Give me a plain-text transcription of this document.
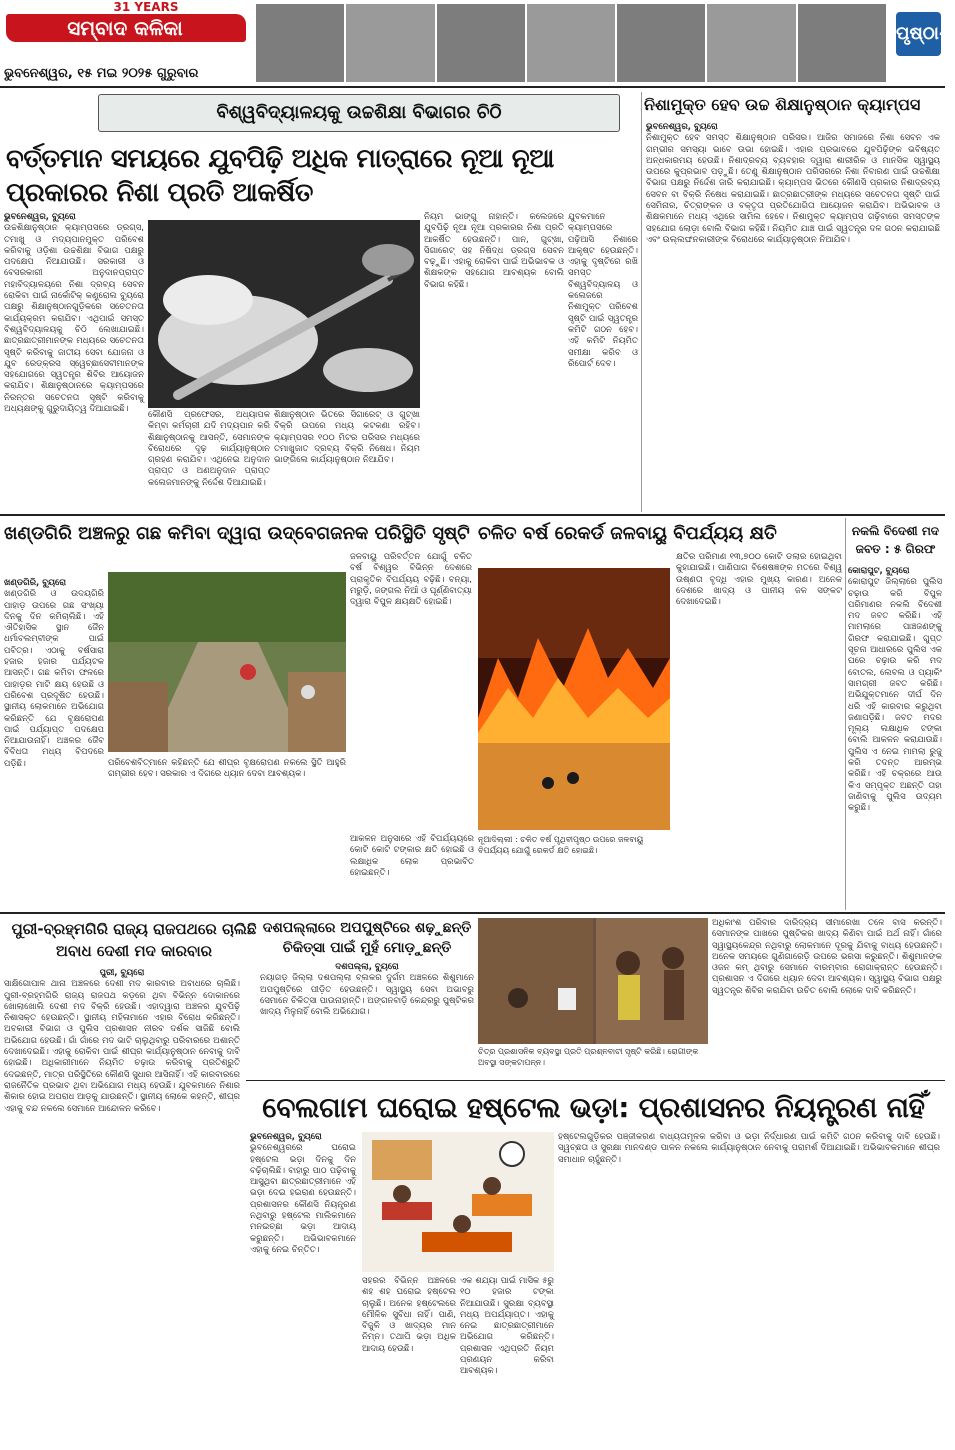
31 YEARS
ସମ୍ବାଦ କଳିକା
ଭୁବନେଶ୍ୱର, ୧୫ ମଇ ୨୦୨୫ ଗୁରୁବାର
ପୃଷ୍ଠା-୨
ବିଶ୍ୱବିଦ୍ୟାଳୟକୁ ଉଚ୍ଚଶିକ୍ଷା ବିଭାଗର ଚିଠି
ବର୍ତ୍ତମାନ ସମୟରେ ଯୁବପିଢ଼ି ଅଧିକ ମାତ୍ରାରେ ନୂଆ ନୂଆ ପ୍ରକାରର ନିଶା ପ୍ରତି ଆକର୍ଷିତ
ଭୁବନେଶ୍ୱର, ବ୍ୟୁରୋ
ଉଚ୍ଚଶିକ୍ଷାନୁଷ୍ଠାନ କ୍ୟାମ୍ପସରେ ଡ୍ରଗ୍ସ, ତମାଖୁ ଓ ମଦ୍ୟପାନମୁକ୍ତ ପରିବେଶ କରିବାକୁ ଓଡ଼ିଶା ଉଚ୍ଚଶିକ୍ଷା ବିଭାଗ ପକ୍ଷରୁ ପଦକ୍ଷେପ ନିଆଯାଉଛି। ସରକାରୀ ଓ ବେସରକାରୀ ଅନୁଦାନପ୍ରାପ୍ତ ମହାବିଦ୍ୟାଳୟରେ ନିଶା ଦ୍ରବ୍ୟ ସେବନ ରୋକିବା ପାଇଁ ନାର୍କୋଟିକ୍ କଣ୍ଟ୍ରୋଲ ବ୍ୟୁରୋ ପକ୍ଷରୁ ଶିକ୍ଷାନୁଷ୍ଠାନଗୁଡ଼ିକରେ ସଚେତନତା କାର୍ଯ୍ୟକ୍ରମ କରାଯିବ। ଏଥିପାଇଁ ସମସ୍ତ ବିଶ୍ୱବିଦ୍ୟାଳୟକୁ ଚିଠି ଲେଖାଯାଇଛି। ଛାତ୍ରଛାତ୍ରୀମାନଙ୍କ ମଧ୍ୟରେ ସଚେତନତା ସୃଷ୍ଟି କରିବାକୁ ଜାତୀୟ ସେବା ଯୋଜନା ଓ ଯୁବ ରେଡ୍‌କ୍ରସ ସ୍ୱେଚ୍ଛାସେବୀମାନଙ୍କ ସହଯୋଗରେ ସ୍ୱତନ୍ତ୍ର ଶିବିର ଆୟୋଜନ କରାଯିବ। ଶିକ୍ଷାନୁଷ୍ଠାନରେ କ୍ୟାମ୍ପସରେ ନିରନ୍ତର ସଚେତନତା ସୃଷ୍ଟି କରିବାକୁ ଅଧ୍ୟକ୍ଷଙ୍କୁ ଗୁରୁଦାୟିତ୍ୱ ଦିଆଯାଇଛି।
କୌଣସି ପ୍ରଫେସର, ଅଧ୍ୟାପକ କିମ୍ବା କର୍ମଚାରୀ ଯଦି ମଦ୍ୟପାନ କରି ଶିକ୍ଷାନୁଷ୍ଠାନକୁ ଆସନ୍ତି, ସେମାନଙ୍କ ବିରୋଧରେ ଦୃଢ଼ କାର୍ଯ୍ୟାନୁଷ୍ଠାନ ଗ୍ରହଣ କରାଯିବ। ଏଥିନେଇ ଅନୁଦାନ ପ୍ରାପ୍ତ ଓ ଅଣଅନୁଦାନ ପ୍ରାପ୍ତ କଲେଜମାନଙ୍କୁ ନିର୍ଦ୍ଦେଶ ଦିଆଯାଇଛି।
ଶିକ୍ଷାନୁଷ୍ଠାନ ଭିତରେ ସିଗାରେଟ୍ ଓ ଗୁଟ୍‌ଖା ବିକ୍ରି ଉପରେ ମଧ୍ୟ କଟକଣା ରହିବ। କ୍ୟାମ୍ପସର ୧୦୦ ମିଟର ପରିସର ମଧ୍ୟରେ ତମାଖୁଜାତ ଦ୍ରବ୍ୟ ବିକ୍ରି ନିଷେଧ। ନିୟମ ଭାଙ୍ଗିଲେ କାର୍ଯ୍ୟାନୁଷ୍ଠାନ ନିଆଯିବ।
ନିୟମ ଭାଙ୍ଗୁ ନାହାନ୍ତି। କଲେଜରେ ଯୁବପିଢ଼ି ନୂଆ ନୂଆ ପ୍ରକାରର ନିଶା ପ୍ରତି ଆକର୍ଷିତ ହେଉଛନ୍ତି। ପାନ, ଗୁଟ୍‌ଖା, ସିଗାରେଟ୍ ସହ ନିଷିଦ୍ଧ ଡ୍ରଗ୍ସ ସେବନ ବଢ଼ୁଛି। ଏହାକୁ ରୋକିବା ପାଇଁ ଅଭିଭାବକ ଓ ଶିକ୍ଷକଙ୍କ ସହଯୋଗ ଆବଶ୍ୟକ ବୋଲି ବିଭାଗ କହିଛି।
ଯୁବକମାନେ କ୍ୟାମ୍ପସରେ ପଢ଼ିଆସି ନିଶାରେ ଆକୃଷ୍ଟ ହେଉଛନ୍ତି। ଏହାକୁ ଦୃଷ୍ଟିରେ ରଖି ସମସ୍ତ ବିଶ୍ୱବିଦ୍ୟାଳୟ ଓ କଲେଜରେ ନିଶାମୁକ୍ତ ପରିବେଶ ସୃଷ୍ଟି ପାଇଁ ସ୍ୱତନ୍ତ୍ର କମିଟି ଗଠନ ହେବ। ଏହି କମିଟି ନିୟମିତ ସମୀକ୍ଷା କରିବ ଓ ରିପୋର୍ଟ ଦେବ।
ନିଶାମୁକ୍ତ ହେବ ଉଚ୍ଚ ଶିକ୍ଷାନୁଷ୍ଠାନ କ୍ୟାମ୍ପସ
ଭୁବନେଶ୍ୱର, ବ୍ୟୁରୋ
ନିଶାମୁକ୍ତ ହେବ ସମସ୍ତ ଶିକ୍ଷାନୁଷ୍ଠାନ ପରିସର। ଆଜିର ସମାଜରେ ନିଶା ସେବନ ଏକ ଗମ୍ଭୀର ସମସ୍ୟା ଭାବେ ଉଭା ହୋଇଛି। ଏହାର ପ୍ରଭାବରେ ଯୁବପିଢ଼ିଙ୍କ ଭବିଷ୍ୟତ ଅନ୍ଧକାରମୟ ହେଉଛି। ନିଶାଦ୍ରବ୍ୟ ବ୍ୟବହାର ଦ୍ୱାରା ଶାରୀରିକ ଓ ମାନସିକ ସ୍ୱାସ୍ଥ୍ୟ ଉପରେ କୁପ୍ରଭାବ ପଡ଼ୁଛି। ତେଣୁ ଶିକ୍ଷାନୁଷ୍ଠାନ ପରିସରରେ ନିଶା ନିବାରଣ ପାଇଁ ଉଚ୍ଚଶିକ୍ଷା ବିଭାଗ ପକ୍ଷରୁ ନିର୍ଦ୍ଦେଶ ଜାରି କରାଯାଇଛି। କ୍ୟାମ୍ପସ ଭିତରେ କୌଣସି ପ୍ରକାର ନିଶାଦ୍ରବ୍ୟ ସେବନ ବା ବିକ୍ରି ନିଷେଧ କରାଯାଇଛି। ଛାତ୍ରଛାତ୍ରୀଙ୍କ ମଧ୍ୟରେ ସଚେତନତା ସୃଷ୍ଟି ପାଇଁ ସେମିନାର, ଚିତ୍ରାଙ୍କନ ଓ ବକ୍ତୃତା ପ୍ରତିଯୋଗିତା ଆୟୋଜନ କରାଯିବ। ଅଭିଭାବକ ଓ ଶିକ୍ଷକମାନେ ମଧ୍ୟ ଏଥିରେ ସାମିଲ ହେବେ। ନିଶାମୁକ୍ତ କ୍ୟାମ୍ପସ ଗଢ଼ିବାରେ ସମସ୍ତଙ୍କ ସହଯୋଗ ଲୋଡ଼ା ବୋଲି ବିଭାଗ କହିଛି। ନିୟମିତ ଯାଞ୍ଚ ପାଇଁ ସ୍ୱତନ୍ତ୍ର ଦଳ ଗଠନ କରାଯାଇଛି ଏବଂ ଉଲ୍ଲଙ୍ଘନକାରୀଙ୍କ ବିରୋଧରେ କାର୍ଯ୍ୟାନୁଷ୍ଠାନ ନିଆଯିବ।
ଖଣ୍ଡଗିରି ଅଞ୍ଚଳରୁ ଗଛ କମିବା ଦ୍ୱାରା ଉଦ୍‌ବେଗଜନକ ପରିସ୍ଥିତି ସୃଷ୍ଟି
ଖଣ୍ଡଗିରି, ବ୍ୟୁରୋ
ଖଣ୍ଡଗିରି ଓ ଉଦୟଗିରି ପାହାଡ଼ ଉପରେ ଗଛ ସଂଖ୍ୟା ଦିନକୁ ଦିନ କମିଚାଲିଛି। ଏହି ଐତିହାସିକ ସ୍ଥାନ ଜୈନ ଧର୍ମାବଲମ୍ବୀଙ୍କ ପାଇଁ ପବିତ୍ର। ଏଠାକୁ ବର୍ଷସାରା ହଜାର ହଜାର ପର୍ଯ୍ୟଟକ ଆସନ୍ତି। ଗଛ କମିବା ଫଳରେ ପାହାଡ଼ର ମାଟି କ୍ଷୟ ହେଉଛି ଓ ପରିବେଶ ପ୍ରଦୂଷିତ ହେଉଛି। ସ୍ଥାନୀୟ ଲୋକମାନେ ଅଭିଯୋଗ କରିଛନ୍ତି ଯେ ବୃକ୍ଷରୋପଣ ପାଇଁ ପର୍ଯ୍ୟାପ୍ତ ପଦକ୍ଷେପ ନିଆଯାଉନାହିଁ। ଅଞ୍ଚଳର ଜୈବ ବିବିଧତା ମଧ୍ୟ ବିପଦରେ ପଡ଼ିଛି।	ପରିବେଶବିତ୍‌ମାନେ କହିଛନ୍ତି ଯେ ଶୀଘ୍ର ବୃକ୍ଷରୋପଣ ନକଲେ ସ୍ଥିତି ଆହୁରି ଗମ୍ଭୀର ହେବ। ସରକାର ଏ ଦିଗରେ ଧ୍ୟାନ ଦେବା ଆବଶ୍ୟକ।
ଚଳିତ ବର୍ଷ ରେକର୍ଡ ଜଳବାୟୁ ବିପର୍ଯ୍ୟୟ କ୍ଷତି
ଜଳବାୟୁ ପରିବର୍ତ୍ତନ ଯୋଗୁଁ ଚଳିତ ବର୍ଷ ବିଶ୍ୱର ବିଭିନ୍ନ ଦେଶରେ ପ୍ରାକୃତିକ ବିପର୍ଯ୍ୟୟ ବଢ଼ିଛି। ବନ୍ୟା, ମରୁଡ଼ି, ଜଙ୍ଗଲ ନିଆଁ ଓ ଘୂର୍ଣ୍ଣିବାତ୍ୟା ଦ୍ୱାରା ବିପୁଳ କ୍ଷୟକ୍ଷତି ହୋଇଛି।
ନୂଆଦିଲ୍ଲୀ : ଚଳିତ ବର୍ଷ ପୃଥିବୀପୃଷ୍ଠ ଉପରେ ଜଳବାୟୁ ବିପର୍ଯ୍ୟୟ ଯୋଗୁଁ ରେକର୍ଡ କ୍ଷତି ହୋଇଛି।
ଆକଳନ ଅନୁସାରେ ଏହି ବିପର୍ଯ୍ୟୟରେ କୋଟି କୋଟି ଟଙ୍କାର କ୍ଷତି ହୋଇଛି ଓ ଲକ୍ଷାଧିକ ଲୋକ ପ୍ରଭାବିତ ହୋଇଛନ୍ତି।
କ୍ଷତିର ପରିମାଣ ୧୩,୭୦୦ କୋଟି ଡଲାର ହୋଇଥିବା କୁହାଯାଇଛି। ପାଣିପାଗ ବିଶେଷଜ୍ଞଙ୍କ ମତରେ ବିଶ୍ୱ ଉଷ୍ଣତା ବୃଦ୍ଧି ଏହାର ମୁଖ୍ୟ କାରଣ। ଅନେକ ଦେଶରେ ଖାଦ୍ୟ ଓ ପାନୀୟ ଜଳ ସଙ୍କଟ ଦେଖାଦେଇଛି।
ନକଲି ବିଦେଶୀ ମଦ ଜବତ : ୫ ଗିରଫ
କୋରାପୁଟ, ବ୍ୟୁରୋ
କୋରାପୁଟ ଜିଲ୍ଲାରେ ପୁଲିସ ଚଢ଼ାଉ କରି ବିପୁଳ ପରିମାଣର ନକଲି ବିଦେଶୀ ମଦ ଜବତ କରିଛି। ଏହି ମାମଲାରେ ପାଞ୍ଚଜଣଙ୍କୁ ଗିରଫ କରାଯାଇଛି। ଗୁପ୍ତ ସୂଚନା ଆଧାରରେ ପୁଲିସ ଏକ ଘରେ ଚଢ଼ାଉ କରି ମଦ ବୋତଲ, ଲେବଲ ଓ ପ୍ୟାକିଂ ସାମଗ୍ରୀ ଜବତ କରିଛି। ଅଭିଯୁକ୍ତମାନେ ଦୀର୍ଘ ଦିନ ଧରି ଏହି କାରବାର କରୁଥିବା ଜଣାପଡ଼ିଛି। ଜବତ ମଦର ମୂଲ୍ୟ ଲକ୍ଷାଧିକ ଟଙ୍କା ବୋଲି ଆକଳନ କରାଯାଉଛି। ପୁଲିସ ଏ ନେଇ ମାମଲା ରୁଜୁ କରି ତଦନ୍ତ ଆରମ୍ଭ କରିଛି। ଏହି ଚକ୍ରରେ ଆଉ କିଏ ସମ୍ପୃକ୍ତ ଅଛନ୍ତି ତାହା ଜାଣିବାକୁ ପୁଲିସ ଉଦ୍ୟମ କରୁଛି।
ପୁରୀ-ବ୍ରହ୍ମଗିରି ରାଜ୍ୟ ରାଜପଥରେ ଚାଲିଛି ଅବାଧ ଦେଶୀ ମଦ କାରବାର
ପୁରୀ, ବ୍ୟୁରୋ
ସାକ୍ଷିଗୋପାଳ ଥାନା ଅଞ୍ଚଳରେ ଦେଶୀ ମଦ କାରବାର ଅବାଧରେ ଚାଲିଛି। ପୁରୀ-ବ୍ରହ୍ମଗିରି ରାଜ୍ୟ ରାଜପଥ କଡ଼ରେ ଥିବା ବିଭିନ୍ନ ଦୋକାନରେ ଖୋଲାଖୋଲି ଦେଶୀ ମଦ ବିକ୍ରି ହେଉଛି। ଏହାଦ୍ୱାରା ଅଞ୍ଚଳର ଯୁବପିଢ଼ି ନିଶାସକ୍ତ ହେଉଛନ୍ତି। ସ୍ଥାନୀୟ ମହିଳାମାନେ ଏହାର ବିରୋଧ କରିଛନ୍ତି। ଅବକାରୀ ବିଭାଗ ଓ ପୁଲିସ ପ୍ରଶାସନ ନୀରବ ଦର୍ଶକ ସାଜିଛି ବୋଲି ଅଭିଯୋଗ ହେଉଛି। ଗାଁ ଗାଁରେ ମଦ ଭାଟି ଚାଲୁଥିବାରୁ ପରିବାରରେ ଅଶାନ୍ତି ଦେଖାଦେଇଛି। ଏହାକୁ ରୋକିବା ପାଇଁ ଶୀଘ୍ର କାର୍ଯ୍ୟାନୁଷ୍ଠାନ ନେବାକୁ ଦାବି ହୋଇଛି। ଅଧିକାରୀମାନେ ନିୟମିତ ଚଢ଼ାଉ କରିବାକୁ ପ୍ରତିଶ୍ରୁତି ଦେଇଛନ୍ତି, ମାତ୍ର ପରିସ୍ଥିତିରେ କୌଣସି ସୁଧାର ଆସିନାହିଁ। ଏହି କାରବାରରେ ରାଜନୈତିକ ପ୍ରଭାବ ଥିବା ଅଭିଯୋଗ ମଧ୍ୟ ହେଉଛି। ଯୁବକମାନେ ନିଶାର ଶିକାର ହୋଇ ଅପରାଧ ଆଡ଼କୁ ଯାଉଛନ୍ତି। ସ୍ଥାନୀୟ ଲୋକେ କହନ୍ତି, ଶୀଘ୍ର ଏହାକୁ ବନ୍ଦ ନକଲେ ସେମାନେ ଆନ୍ଦୋଳନ କରିବେ।
ଦଶପଲ୍ଲାରେ ଅପପୁଷ୍ଟିରେ ଶଢ଼ୁଛନ୍ତି ଚିକିତ୍ସା ପାଇଁ ମୁହଁ ମୋଡ଼ୁଛନ୍ତି
ଦଶପଲ୍ଲା, ବ୍ୟୁରୋ
ନୟାଗଡ଼ ଜିଲ୍ଲା ଦଶପଲ୍ଲା ବ୍ଲକର ଦୁର୍ଗମ ଅଞ୍ଚଳରେ ଶିଶୁମାନେ ଅପପୁଷ୍ଟିରେ ପୀଡ଼ିତ ହେଉଛନ୍ତି। ସ୍ୱାସ୍ଥ୍ୟ ସେବା ଅଭାବରୁ ସେମାନେ ଚିକିତ୍ସା ପାଉନାହାନ୍ତି। ଅଙ୍ଗନବାଡ଼ି କେନ୍ଦ୍ରରୁ ପୁଷ୍ଟିକର ଖାଦ୍ୟ ମିଳୁନାହିଁ ବୋଲି ଅଭିଯୋଗ।
ଚିତ୍ର ପ୍ରଶାସନିକ ବ୍ୟବସ୍ଥା ପ୍ରତି ପ୍ରଶ୍ନବାଚୀ ସୃଷ୍ଟି କରିଛି। ରୋଗୀଙ୍କ ଅବସ୍ଥା ସଙ୍କଟାପନ୍ନ।
ଅଧିକାଂଶ ପରିବାର ଦାରିଦ୍ର୍ୟ ସୀମାରେଖା ତଳେ ବାସ କରନ୍ତି। ସେମାନଙ୍କ ପାଖରେ ପୁଷ୍ଟିକର ଖାଦ୍ୟ କିଣିବା ପାଇଁ ଅର୍ଥ ନାହିଁ। ଗାଁରେ ସ୍ୱାସ୍ଥ୍ୟକେନ୍ଦ୍ର ନଥିବାରୁ ଲୋକମାନେ ଦୂରକୁ ଯିବାକୁ ବାଧ୍ୟ ହେଉଛନ୍ତି। ଅନେକ ସମୟରେ ଗୁଣିଗାରେଡ଼ି ଉପରେ ଭରସା କରୁଛନ୍ତି। ଶିଶୁମାନଙ୍କ ଓଜନ କମ୍ ଥିବାରୁ ସେମାନେ ବାରମ୍ବାର ରୋଗାକ୍ରାନ୍ତ ହେଉଛନ୍ତି। ପ୍ରଶାସନ ଏ ଦିଗରେ ଧ୍ୟାନ ଦେବା ଆବଶ୍ୟକ। ସ୍ୱାସ୍ଥ୍ୟ ବିଭାଗ ପକ୍ଷରୁ ସ୍ୱତନ୍ତ୍ର ଶିବିର କରାଯିବା ଉଚିତ ବୋଲି ଲୋକେ ଦାବି କରିଛନ୍ତି।
ବେଲଗାମ ଘରୋଇ ହଷ୍ଟେଲ ଭଡ଼ା: ପ୍ରଶାସନର ନିୟନ୍ତ୍ରଣ ନାହିଁ
ଭୁବନେଶ୍ୱର, ବ୍ୟୁରୋ
ଭୁବନେଶ୍ୱରରେ ଘରୋଇ ହଷ୍ଟେଲ ଭଡ଼ା ଦିନକୁ ଦିନ ବଢ଼ିଚାଲିଛି। ବାହାରୁ ପାଠ ପଢ଼ିବାକୁ ଆସୁଥିବା ଛାତ୍ରଛାତ୍ରୀମାନେ ଏହି ଭଡ଼ା ଦେଇ ହଇରାଣ ହେଉଛନ୍ତି। ପ୍ରଶାସନର କୌଣସି ନିୟନ୍ତ୍ରଣ ନଥିବାରୁ ହଷ୍ଟେଲ ମାଲିକମାନେ ମନଇଚ୍ଛା ଭଡ଼ା ଆଦାୟ କରୁଛନ୍ତି। ଅଭିଭାବକମାନେ ଏହାକୁ ନେଇ ଚିନ୍ତିତ।
ସହରର ବିଭିନ୍ନ ଅଞ୍ଚଳରେ ଶହ ଶହ ଘରୋଇ ହଷ୍ଟେଲ ଚାଲୁଛି। ଅନେକ ହଷ୍ଟେଲରେ ମୌଳିକ ସୁବିଧା ନାହିଁ। ପାଣି, ବିଜୁଳି ଓ ଖାଦ୍ୟର ମାନ ନିମ୍ନ। ତଥାପି ଭଡ଼ା ଅଧିକ ଆଦାୟ ହେଉଛି।
ଏକ ଶଯ୍ୟା ପାଇଁ ମାସିକ ୫ରୁ ୧୦ ହଜାର ଟଙ୍କା ନିଆଯାଉଛି। ସୁରକ୍ଷା ବ୍ୟବସ୍ଥା ମଧ୍ୟ ଅପର୍ଯ୍ୟାପ୍ତ। ଏହାକୁ ନେଇ ଛାତ୍ରଛାତ୍ରୀମାନେ ଅଭିଯୋଗ କରିଛନ୍ତି। ପ୍ରଶାସନ ଏଥିପ୍ରତି ନିୟମ ପ୍ରଣୟନ କରିବା ଆବଶ୍ୟକ।
ହଷ୍ଟେଲଗୁଡ଼ିକର ପଞ୍ଜୀକରଣ ବାଧ୍ୟତାମୂଳକ କରିବା ଓ ଭଡ଼ା ନିର୍ଦ୍ଧାରଣ ପାଇଁ କମିଟି ଗଠନ କରିବାକୁ ଦାବି ହେଉଛି। ସ୍ୱଚ୍ଛତା ଓ ସୁରକ୍ଷା ମାନଦଣ୍ଡ ପାଳନ ନକଲେ କାର୍ଯ୍ୟାନୁଷ୍ଠାନ ନେବାକୁ ପରାମର୍ଶ ଦିଆଯାଇଛି। ଅଭିଭାବକମାନେ ଶୀଘ୍ର ସମାଧାନ ଚାହୁଁଛନ୍ତି।
